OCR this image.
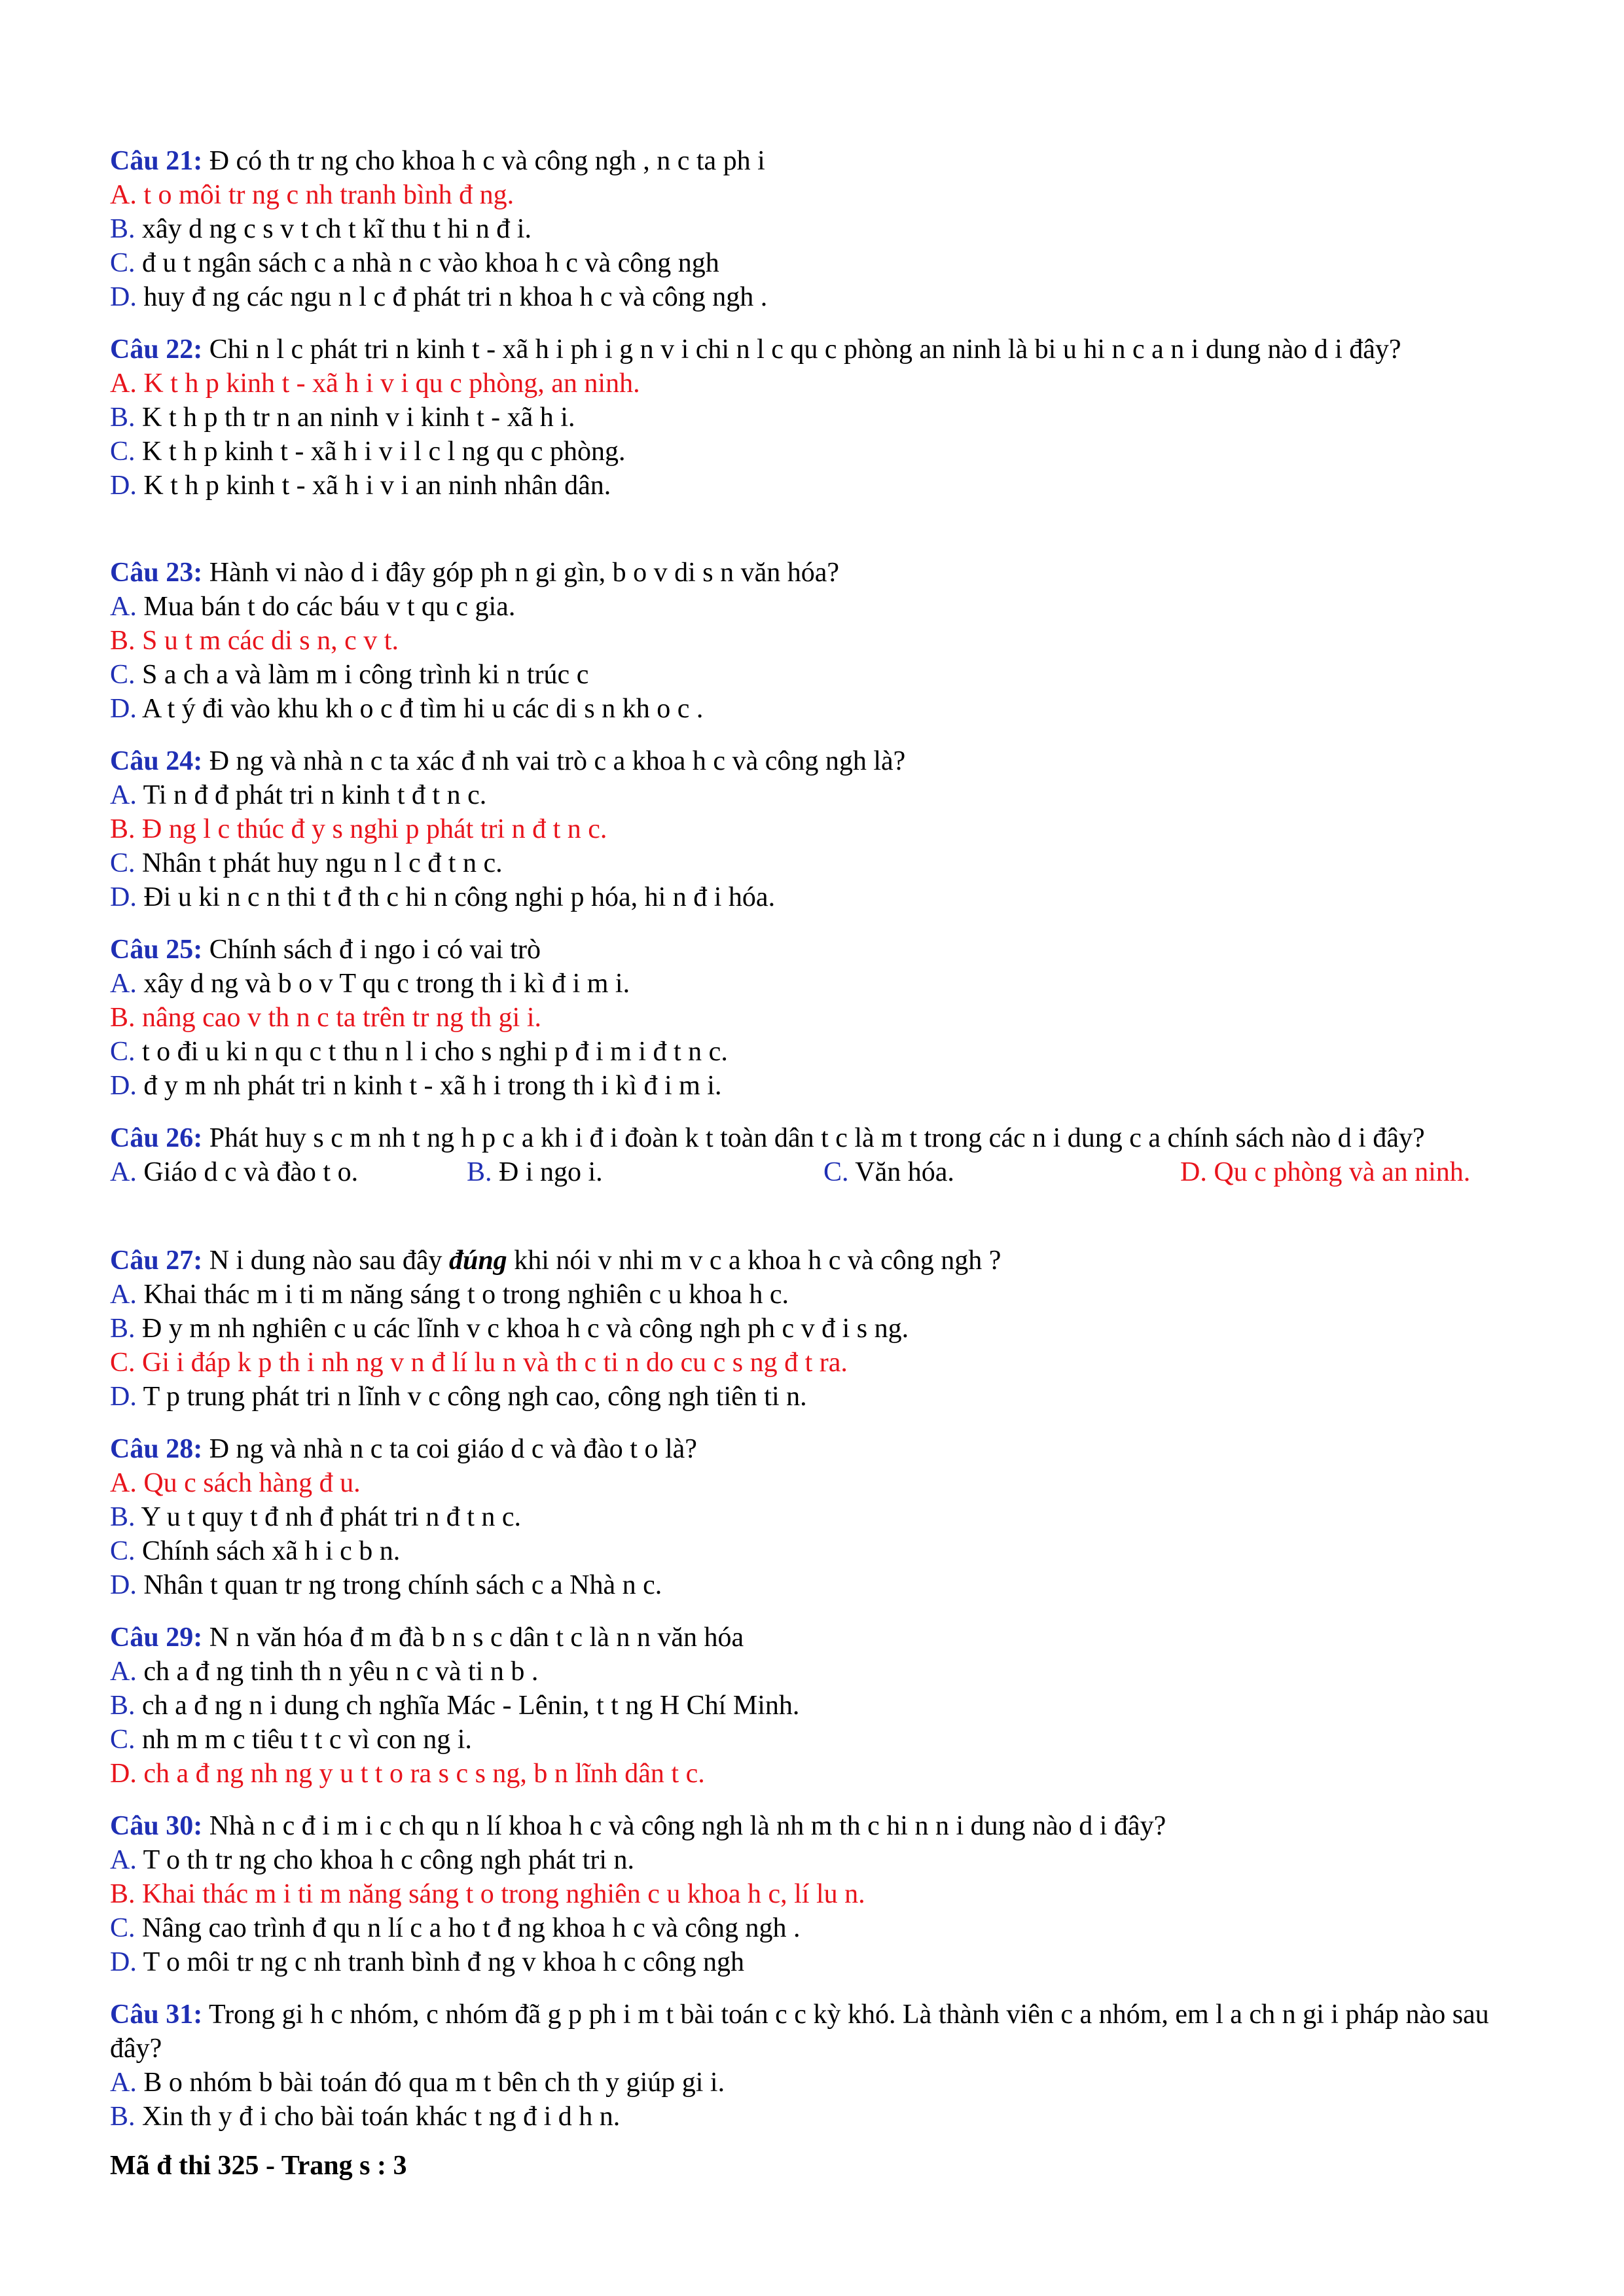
Câu 21: Đ có th tr ng cho khoa h c và công ngh , n c ta ph i

A. t o môi tr ng c nh tranh bình đ ng.

B. xây d ng c s v t ch t kĩ thu t hi n đ i.

C. đ u t ngân sách c a nhà n c vào khoa h c và công ngh

D. huy đ ng các ngu n l c đ phát tri n khoa h c và công ngh .

Câu 22: Chi n l c phát tri n kinh t - xã h i ph i g n v i chi n l c qu c phòng an ninh là bi u hi n c a n i dung nào d i đây?

A. K t h p kinh t - xã h i v i qu c phòng, an ninh.

B. K t h p th tr n an ninh v i kinh t - xã h i.

C. K t h p kinh t - xã h i v i l c l ng qu c phòng.

D. K t h p kinh t - xã h i v i an ninh nhân dân.

Câu 23: Hành vi nào d i đây góp ph n gi gìn, b o v di s n văn hóa?

A. Mua bán t do các báu v t qu c gia.

B. S u t m các di s n, c v t.

C. S a ch a và làm m i công trình ki n trúc c

D. A t ý đi vào khu kh o c đ tìm hi u các di s n kh o c .

Câu 24: Đ ng và nhà n c ta xác đ nh vai trò c a khoa h c và công ngh là?

A. Ti n đ đ phát tri n kinh t đ t n c.

B. Đ ng l c thúc đ y s nghi p phát tri n đ t n c.

C. Nhân t phát huy ngu n l c đ t n c.

D. Đi u ki n c n thi t đ th c hi n công nghi p hóa, hi n đ i hóa.

Câu 25: Chính sách đ i ngo i có vai trò

A. xây d ng và b o v T qu c trong th i kì đ i m i.

B. nâng cao v th n c ta trên tr ng th gi i.

C. t o đi u ki n qu c t thu n l i cho s nghi p đ i m i đ t n c.

D. đ y m nh phát tri n kinh t - xã h i trong th i kì đ i m i.

Câu 26: Phát huy s c m nh t ng h p c a kh i đ i đoàn k t toàn dân t c là m t trong các n i dung c a chính sách nào d i đây?

A. Giáo d c và đào t o.	B. Đ i ngo i.	C. Văn hóa.	D. Qu c phòng và an ninh.

Câu 27: N i dung nào sau đây đúng khi nói v nhi m v c a khoa h c và công ngh ?

A. Khai thác m i ti m năng sáng t o trong nghiên c u khoa h c.

B. Đ y m nh nghiên c u các lĩnh v c khoa h c và công ngh ph c v đ i s ng.

C. Gi i đáp k p th i nh ng v n đ lí lu n và th c ti n do cu c s ng đ t ra.

D. T p trung phát tri n lĩnh v c công ngh cao, công ngh tiên ti n.

Câu 28: Đ ng và nhà n c ta coi giáo d c và đào t o là?

A. Qu c sách hàng đ u.

B. Y u t quy t đ nh đ phát tri n đ t n c.

C. Chính sách xã h i c b n.

D. Nhân t quan tr ng trong chính sách c a Nhà n c.

Câu 29: N n văn hóa đ m đà b n s c dân t c là n n văn hóa

A. ch a đ ng tinh th n yêu n c và ti n b .

B. ch a đ ng n i dung ch nghĩa Mác - Lênin, t t ng H Chí Minh.

C. nh m m c tiêu t t c vì con ng i.

D. ch a đ ng nh ng y u t t o ra s c s ng, b n lĩnh dân t c.

Câu 30: Nhà n c đ i m i c ch qu n lí khoa h c và công ngh là nh m th c hi n n i dung nào d i đây?

A. T o th tr ng cho khoa h c công ngh phát tri n.

B. Khai thác m i ti m năng sáng t o trong nghiên c u khoa h c, lí lu n.

C. Nâng cao trình đ qu n lí c a ho t đ ng khoa h c và công ngh .

D. T o môi tr ng c nh tranh bình đ ng v khoa h c công ngh

Câu 31: Trong gi h c nhóm, c nhóm đã g p ph i m t bài toán c c kỳ khó. Là thành viên c a nhóm, em l a ch n gi i pháp nào sau đây?

A. B o nhóm b bài toán đó qua m t bên ch th y giúp gi i.

B. Xin th y đ i cho bài toán khác t ng đ i d h n.

Mã đ thi 325 - Trang s : 3
